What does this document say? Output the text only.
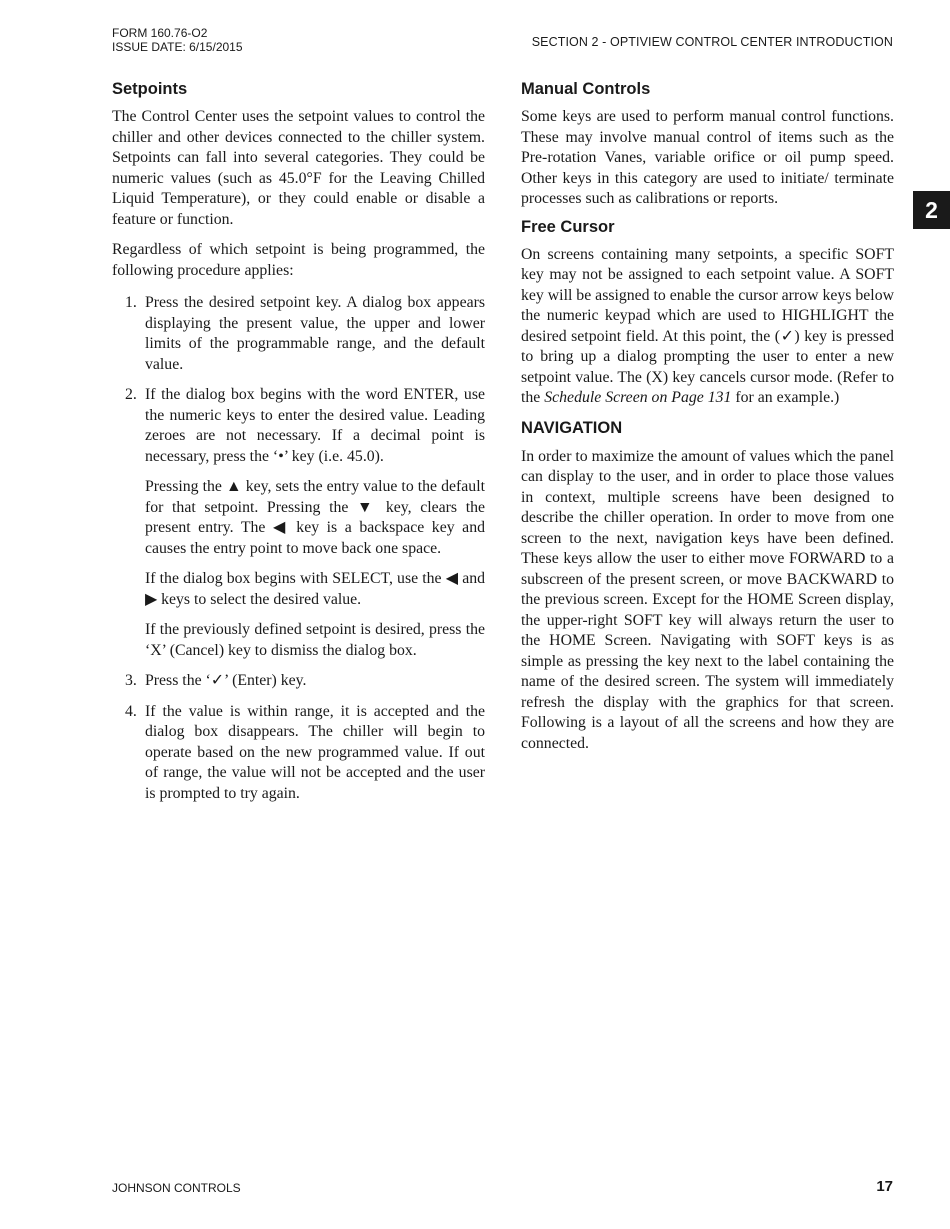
FORM 160.76-O2
ISSUE DATE: 6/15/2015	SECTION 2 - OPTIVIEW CONTROL CENTER INTRODUCTION
2
Setpoints

The Control Center uses the setpoint values to control the chiller and other devices connected to the chiller system. Setpoints can fall into several categories. They could be numeric values (such as 45.0°F for the Leaving Chilled Liquid Temperature), or they could enable or disable a feature or function.

Regardless of which setpoint is being programmed, the following procedure applies:

1. Press the desired setpoint key. A dialog box appears displaying the present value, the upper and lower limits of the programmable range, and the default value.

2. If the dialog box begins with the word ENTER, use the numeric keys to enter the desired value. Leading zeroes are not necessary. If a decimal point is necessary, press the ‘•’ key (i.e. 45.0).

Pressing the ▲ key, sets the entry value to the default for that setpoint. Pressing the ▼ key, clears the present entry. The ◀ key is a backspace key and causes the entry point to move back one space.

If the dialog box begins with SELECT, use the ◀ and ▶ keys to select the desired value.

If the previously defined setpoint is desired, press the ‘X’ (Cancel) key to dismiss the dialog box.

3. Press the ‘✓’ (Enter) key.

4. If the value is within range, it is accepted and the dialog box disappears. The chiller will begin to operate based on the new programmed value. If out of range, the value will not be accepted and the user is prompted to try again.

Manual Controls

Some keys are used to perform manual control functions. These may involve manual control of items such as the Pre-rotation Vanes, variable orifice or oil pump speed. Other keys in this category are used to initiate/ terminate processes such as calibrations or reports.

Free Cursor

On screens containing many setpoints, a specific SOFT key may not be assigned to each setpoint value. A SOFT key will be assigned to enable the cursor arrow keys below the numeric keypad which are used to HIGHLIGHT the desired setpoint field. At this point, the (✓) key is pressed to bring up a dialog prompting the user to enter a new setpoint value. The (X) key cancels cursor mode. (Refer to the Schedule Screen on Page 131 for an example.)

NAVIGATION

In order to maximize the amount of values which the panel can display to the user, and in order to place those values in context, multiple screens have been designed to describe the chiller operation. In order to move from one screen to the next, navigation keys have been defined. These keys allow the user to either move FORWARD to a subscreen of the present screen, or move BACKWARD to the previous screen. Except for the HOME Screen display, the upper-right SOFT key will always return the user to the HOME Screen. Navigating with SOFT keys is as simple as pressing the key next to the label containing the name of the desired screen. The system will immediately refresh the display with the graphics for that screen. Following is a layout of all the screens and how they are connected.

JOHNSON CONTROLS	17
